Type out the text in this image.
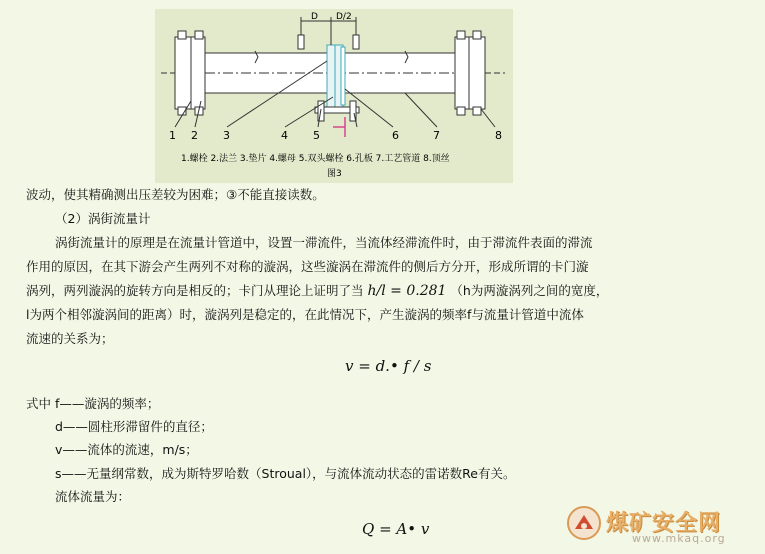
D D/2
1 2 3	4 5	6	7	8
1.螺栓 2.法兰 3.垫片 4.螺母 5.双头螺栓 6.孔板 7.工艺管道 8.顶丝
图3
波动，使其精确测出压差较为困难；③不能直接读数。
（2）涡街流量计
涡街流量计的原理是在流量计管道中，设置一滞流件，当流体经滞流件时，由于滞流件表面的滞流
作用的原因，在其下游会产生两列不对称的漩涡，这些漩涡在滞流件的侧后方分开，形成所谓的卡门漩
涡列，两列漩涡的旋转方向是相反的；卡门从理论上证明了当 h/l = 0.281 （h为两漩涡列之间的宽度，
l为两个相邻漩涡间的距离）时，漩涡列是稳定的，在此情况下，产生漩涡的频率f与流量计管道中流体
流速的关系为；
v = d.• f / s
式中 f——漩涡的频率；
d——圆柱形滞留件的直径；
v——流体的流速，m/s；
s——无量纲常数，成为斯特罗哈数（Stroual），与流体流动状态的雷诺数Re有关。
流体流量为：
Q = A• v	煤矿安全网
www.mkaq.org
